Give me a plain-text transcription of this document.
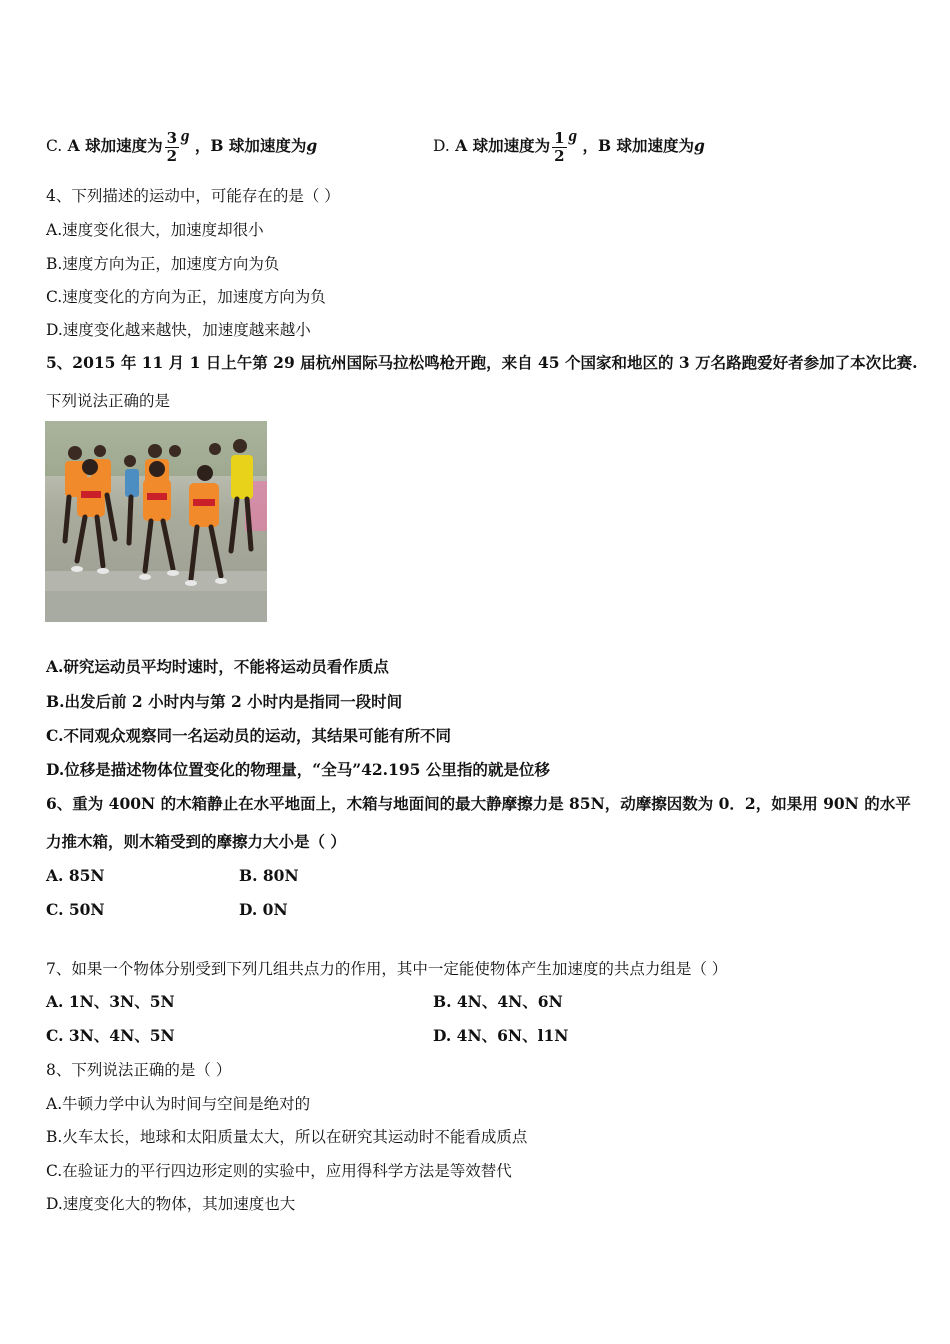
C. A 球加速度为 $\frac{3}{2}$ g ，B 球加速度为g	D. A 球加速度为 $\frac{1}{2}$ g ，B 球加速度为g
4、下列描述的运动中，可能存在的是（ ）
A.速度变化很大，加速度却很小
B.速度方向为正，加速度方向为负
C.速度变化的方向为正，加速度方向为负
D.速度变化越来越快，加速度越来越小
5、2015 年 11 月 1 日上午第 29 届杭州国际马拉松鸣枪开跑，来自 45 个国家和地区的 3 万名路跑爱好者参加了本次比赛.
下列说法正确的是
A.研究运动员平均时速时，不能将运动员看作质点
B.出发后前 2 小时内与第 2 小时内是指同一段时间
C.不同观众观察同一名运动员的运动，其结果可能有所不同
D.位移是描述物体位置变化的物理量，“全马”42.195 公里指的就是位移
6、重为 400N 的木箱静止在水平地面上，木箱与地面间的最大静摩擦力是 85N，动摩擦因数为 0．2，如果用 90N 的水平
力推木箱，则木箱受到的摩擦力大小是（ ）
A. 85N	B. 80N
C. 50N	D. 0N
7、如果一个物体分别受到下列几组共点力的作用，其中一定能使物体产生加速度的共点力组是（ ）
A. 1N、3N、5N	B. 4N、4N、6N
C. 3N、4N、5N	D. 4N、6N、l1N
8、下列说法正确的是（ ）
A.牛顿力学中认为时间与空间是绝对的
B.火车太长，地球和太阳质量太大，所以在研究其运动时不能看成质点
C.在验证力的平行四边形定则的实验中，应用得科学方法是等效替代
D.速度变化大的物体，其加速度也大
